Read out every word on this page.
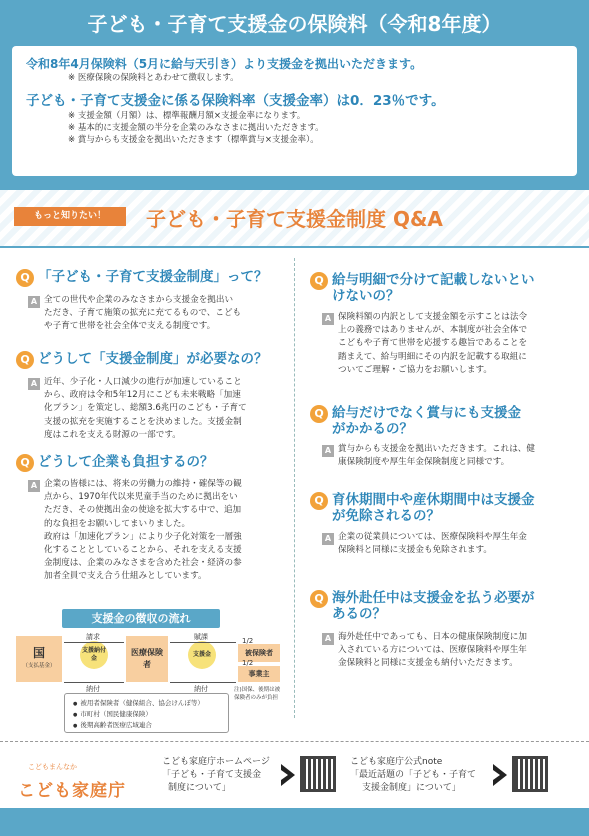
子ども・子育て支援金の保険料（令和8年度）
令和8年4月保険料（5月に給与天引き）より支援金を拠出いただきます。
※ 医療保険の保険料とあわせて徴収します。
子ども・子育て支援金に係る保険料率（支援金率）は0．23％です。
※ 支援金額（月額）は、標準報酬月額×支援金率になります。
※ 基本的に支援金額の半分を企業のみなさまに拠出いただきます。
※ 賞与からも支援金を拠出いただきます（標準賞与×支援金率）。
もっと知りたい！	子ども・子育て支援金制度 Q&A
Q 「子ども・子育て支援金制度」って？
A 全ての世代や企業のみなさまから支援金を拠出い
ただき、子育て施策の拡充に充てるもので、こども
や子育て世帯を社会全体で支える制度です。
Q どうして「支援金制度」が必要なの？
A 近年、少子化・人口減少の進行が加速していること
から、政府は令和5年12月にこども未来戦略「加速
化プラン」を策定し、総額3.6兆円のこども・子育て
支援の拡充を実施することを決めました。支援金制
度はこれを支える財源の一部です。
Q どうして企業も負担するの？
A 企業の皆様には、将来の労働力の維持・確保等の観
点から、1970年代以来児童手当のために拠出をい
ただき、その使拠出金の使途を拡大する中で、追加
的な負担をお願いしてまいりました。
政府は「加速化プラン」により少子化対策を一層強
化することとしていることから、それを支える支援
金制度は、企業のみなさまを含めた社会・経済の参
加者全員で支え合う仕組みとしています。
Q 給与明細で分けて記載しないとい
けないの？
A 保険料額の内訳として支援金額を示すことは法令
上の義務ではありませんが、本制度が社会全体で
こどもや子育て世帯を応援する趣旨であることを
踏まえて、給与明細にその内訳を記載する取組に
ついてご理解・ご協力をお願いします。
Q 給与だけでなく賞与にも支援金
がかかるの？
A 賞与からも支援金を拠出いただきます。これは、健
康保険制度や厚生年金保険制度と同様です。
Q 育休期間中や産休期間中は支援金
が免除されるの？
A 企業の従業員については、医療保険料や厚生年金
保険料と同様に支援金も免除されます。
Q 海外赴任中は支援金を払う必要が
あるの？
A 海外赴任中であっても、日本の健康保険制度に加
入されている方については、医療保険料や厚生年
金保険料と同様に支援金も納付いただきます。
支援金の徴収の流れ
国
（支払基金）
支援納付金
医療保険者
支援金	被保険者
事業主
1/2
1/2
請求
納付
賦課
納付	注)国保、後期は被保険者のみが負担
● 被用者保険者（健保組合、協会けんぽ等）
● 市町村（国民健康保険）
● 後期高齢者医療広域連合
こどもまんなか
こども家庭庁
こども家庭庁ホームページ
「子ども・子育て支援金
制度について」
こども家庭庁公式note
「最近話題の「子ども・子育て
支援金制度」について」
